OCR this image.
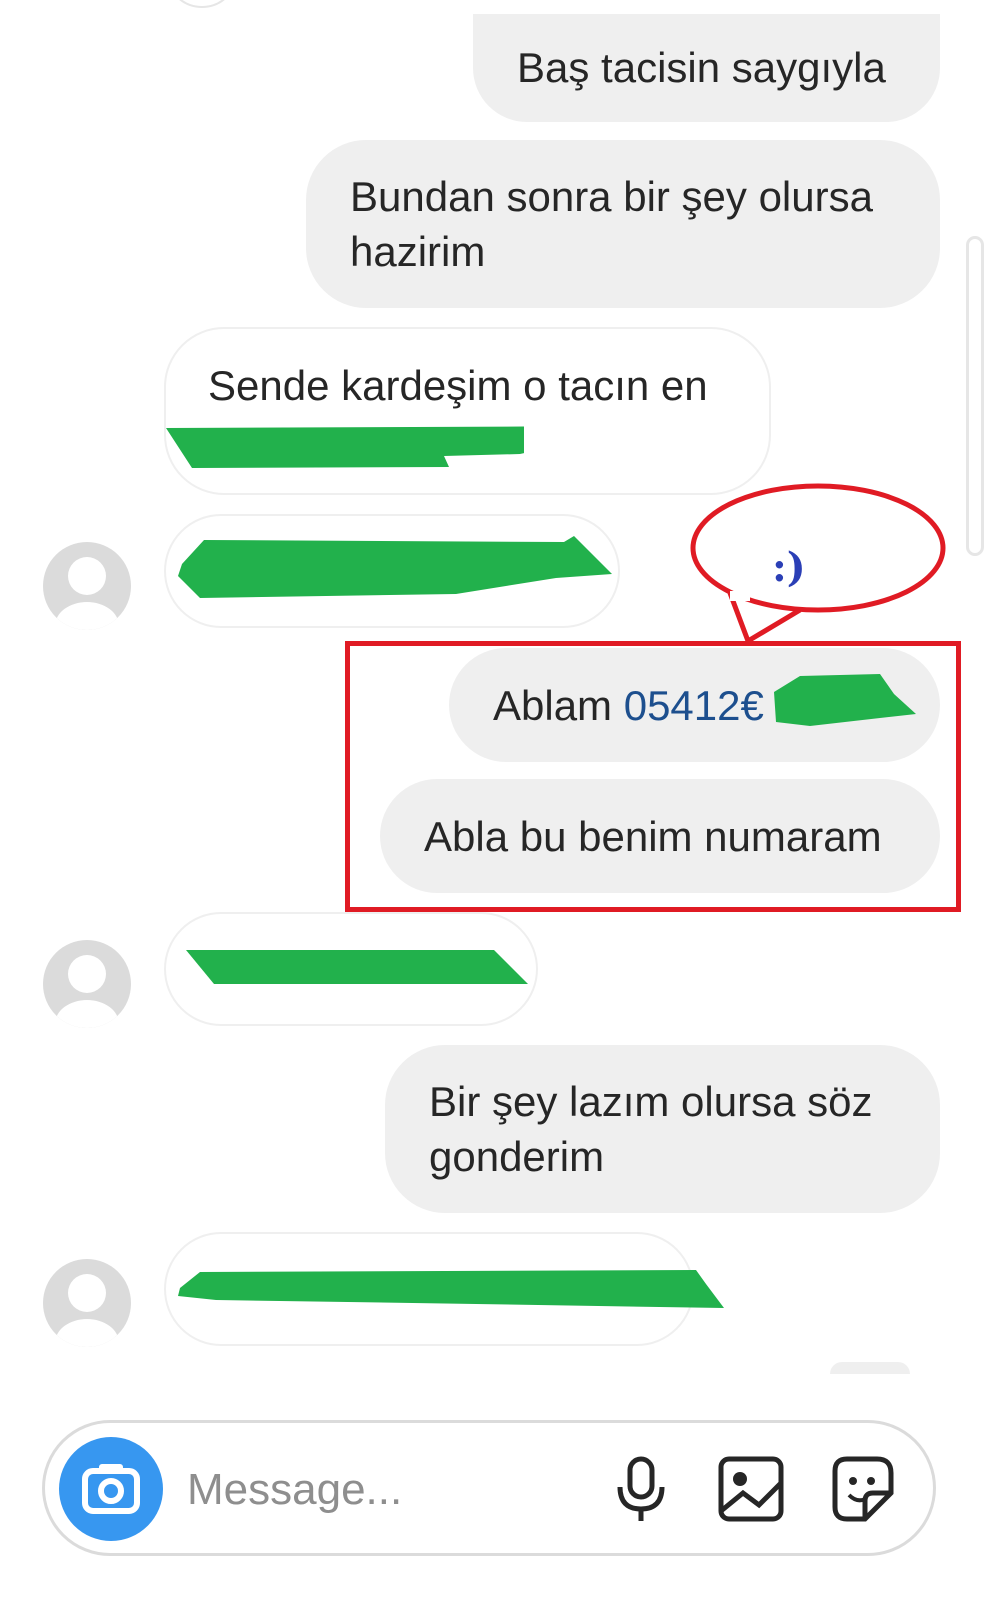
Baş tacisin saygıyla
Bundan sonra bir şey olursa
hazirim
Sende kardeşim o tacın en
:)
Ablam 05412€
Abla bu benim numaram
Bir şey lazım olursa söz
gonderim
Message...
